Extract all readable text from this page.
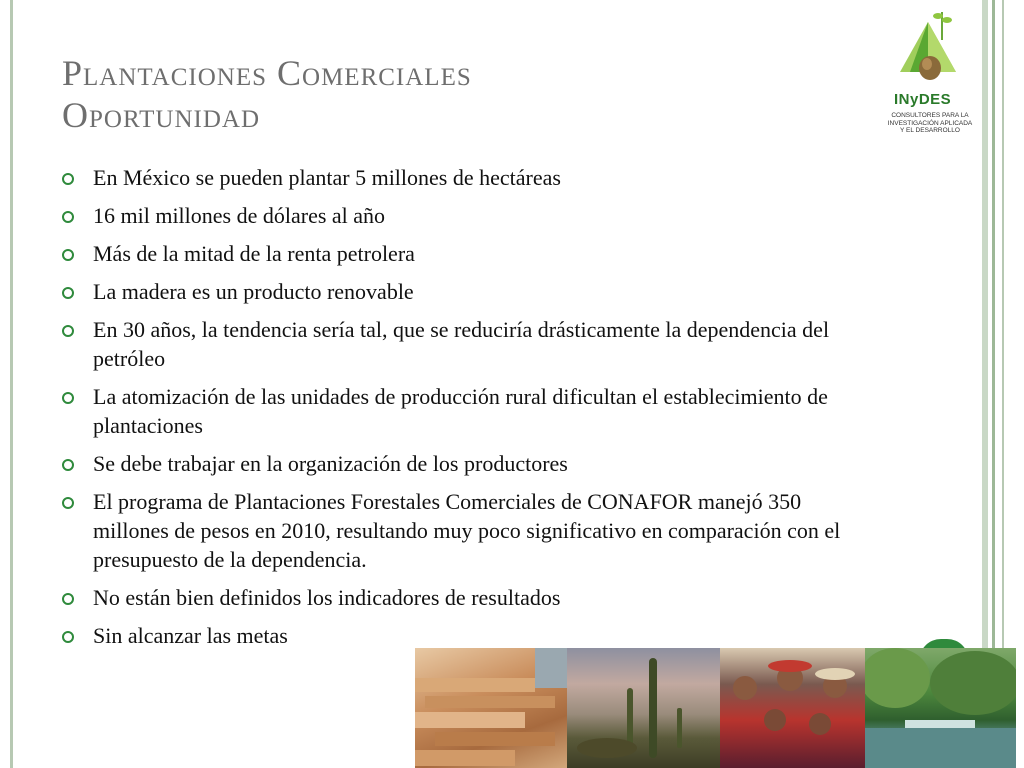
Plantaciones Comerciales
Oportunidad	INyDES
CONSULTORES PARA LA
INVESTIGACIÓN APLICADA
Y EL DESARROLLO
En México se pueden plantar 5 millones de hectáreas
16 mil millones de dólares al año
Más de la mitad de la renta petrolera
La madera es un producto renovable
En 30 años, la tendencia sería tal, que se reduciría drásticamente la dependencia del petróleo
La atomización de las unidades de producción rural dificultan el establecimiento de plantaciones
Se debe trabajar en la organización de los productores
El programa de Plantaciones Forestales Comerciales de CONAFOR manejó 350 millones de pesos en 2010, resultando muy poco significativo en comparación con el presupuesto de la dependencia.
No están bien definidos los indicadores de resultados
Sin alcanzar las metas
